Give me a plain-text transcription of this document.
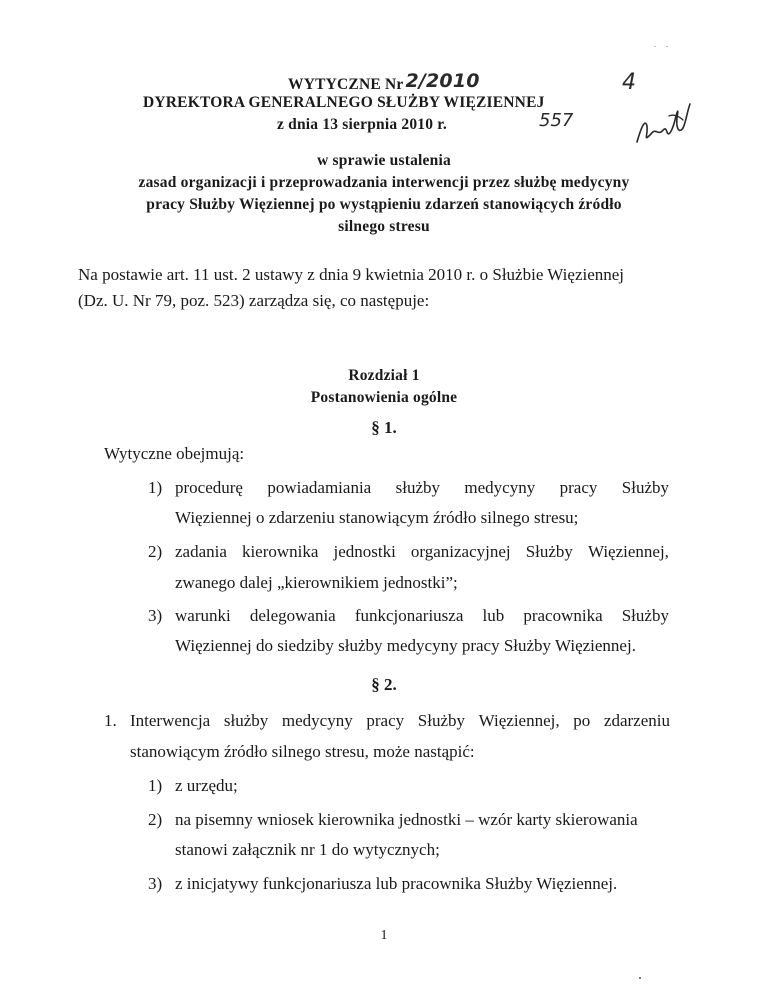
WYTYCZNE Nr 2/2010	4
DYREKTORA GENERALNEGO SŁUŻBY WIĘZIENNEJ
z dnia 13 sierpnia 2010 r.	557
w sprawie ustalenia
zasad organizacji i przeprowadzania interwencji przez służbę medycyny
pracy Służby Więziennej po wystąpieniu zdarzeń stanowiących źródło
silnego stresu
Na postawie art. 11 ust. 2 ustawy z dnia 9 kwietnia 2010 r. o Służbie Więziennej
(Dz. U. Nr 79, poz. 523) zarządza się, co następuje:
Rozdział 1
Postanowienia ogólne
§ 1.
Wytyczne obejmują:
1) procedurę powiadamiania służby medycyny pracy Służby
Więziennej o zdarzeniu stanowiącym źródło silnego stresu;
2) zadania kierownika jednostki organizacyjnej Służby Więziennej,
zwanego dalej „kierownikiem jednostki”;
3) warunki delegowania funkcjonariusza lub pracownika Służby
Więziennej do siedziby służby medycyny pracy Służby Więziennej.
§ 2.
1. Interwencja służby medycyny pracy Służby Więziennej, po zdarzeniu
stanowiącym źródło silnego stresu, może nastąpić:
1) z urzędu;
2) na pisemny wniosek kierownika jednostki – wzór karty skierowania
stanowi załącznik nr 1 do wytycznych;
3) z inicjatywy funkcjonariusza lub pracownika Służby Więziennej.
1
